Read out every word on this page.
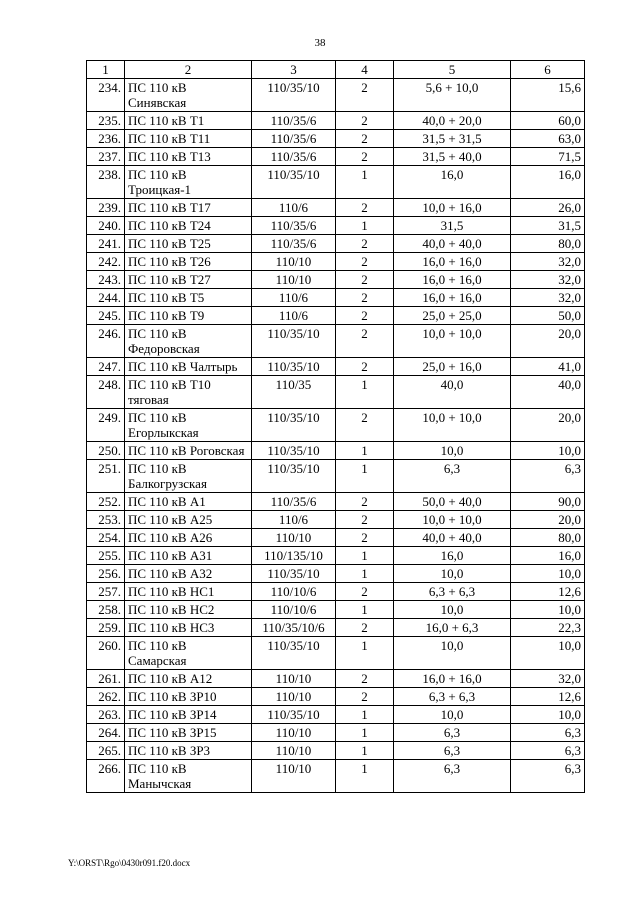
38
1	2	3	4	5	6
234.	ПС 110 кВ Синявская	110/35/10	2	5,6 + 10,0	15,6
235.	ПС 110 кВ Т1	110/35/6	2	40,0 + 20,0	60,0
236.	ПС 110 кВ Т11	110/35/6	2	31,5 + 31,5	63,0
237.	ПС 110 кВ Т13	110/35/6	2	31,5 + 40,0	71,5
238.	ПС 110 кВ Троицкая-1	110/35/10	1	16,0	16,0
239.	ПС 110 кВ Т17	110/6	2	10,0 + 16,0	26,0
240.	ПС 110 кВ Т24	110/35/6	1	31,5	31,5
241.	ПС 110 кВ Т25	110/35/6	2	40,0 + 40,0	80,0
242.	ПС 110 кВ Т26	110/10	2	16,0 + 16,0	32,0
243.	ПС 110 кВ Т27	110/10	2	16,0 + 16,0	32,0
244.	ПС 110 кВ Т5	110/6	2	16,0 + 16,0	32,0
245.	ПС 110 кВ Т9	110/6	2	25,0 + 25,0	50,0
246.	ПС 110 кВ Федоровская	110/35/10	2	10,0 + 10,0	20,0
247.	ПС 110 кВ Чалтырь	110/35/10	2	25,0 + 16,0	41,0
248.	ПС 110 кВ Т10 тяговая	110/35	1	40,0	40,0
249.	ПС 110 кВ Егорлыкская	110/35/10	2	10,0 + 10,0	20,0
250.	ПС 110 кВ Роговская	110/35/10	1	10,0	10,0
251.	ПС 110 кВ Балкогрузская	110/35/10	1	6,3	6,3
252.	ПС 110 кВ А1	110/35/6	2	50,0 + 40,0	90,0
253.	ПС 110 кВ А25	110/6	2	10,0 + 10,0	20,0
254.	ПС 110 кВ А26	110/10	2	40,0 + 40,0	80,0
255.	ПС 110 кВ А31	110/135/10	1	16,0	16,0
256.	ПС 110 кВ А32	110/35/10	1	10,0	10,0
257.	ПС 110 кВ НС1	110/10/6	2	6,3 + 6,3	12,6
258.	ПС 110 кВ НС2	110/10/6	1	10,0	10,0
259.	ПС 110 кВ НС3	110/35/10/6	2	16,0 + 6,3	22,3
260.	ПС 110 кВ Самарская	110/35/10	1	10,0	10,0
261.	ПС 110 кВ А12	110/10	2	16,0 + 16,0	32,0
262.	ПС 110 кВ ЗР10	110/10	2	6,3 + 6,3	12,6
263.	ПС 110 кВ ЗР14	110/35/10	1	10,0	10,0
264.	ПС 110 кВ ЗР15	110/10	1	6,3	6,3
265.	ПС 110 кВ ЗР3	110/10	1	6,3	6,3
266.	ПС 110 кВ Манычская	110/10	1	6,3	6,3
Y:\ORST\Rgo\0430r091.f20.docx
